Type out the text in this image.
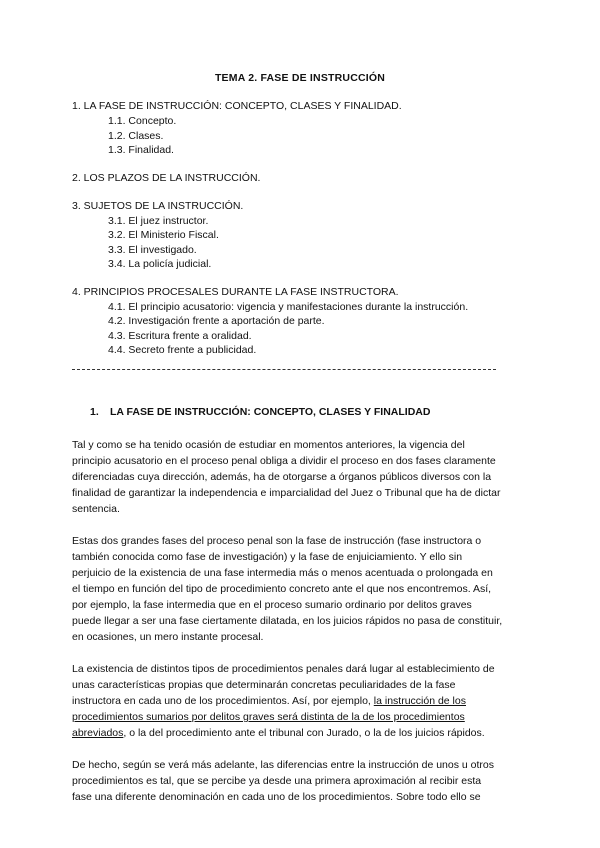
TEMA 2. FASE DE INSTRUCCIÓN
1. LA FASE DE INSTRUCCIÓN: CONCEPTO, CLASES Y FINALIDAD.
1.1. Concepto.
1.2. Clases.
1.3. Finalidad.
2. LOS PLAZOS DE LA INSTRUCCIÓN.
3. SUJETOS DE LA INSTRUCCIÓN.
3.1. El juez instructor.
3.2. El Ministerio Fiscal.
3.3. El investigado.
3.4. La policía judicial.
4. PRINCIPIOS PROCESALES DURANTE LA FASE INSTRUCTORA.
4.1. El principio acusatorio: vigencia y manifestaciones durante la instrucción.
4.2. Investigación frente a aportación de parte.
4.3. Escritura frente a oralidad.
4.4. Secreto frente a publicidad.
1. LA FASE DE INSTRUCCIÓN: CONCEPTO, CLASES Y FINALIDAD

Tal y como se ha tenido ocasión de estudiar en momentos anteriores, la vigencia del
principio acusatorio en el proceso penal obliga a dividir el proceso en dos fases claramente
diferenciadas cuya dirección, además, ha de otorgarse a órganos públicos diversos con la
finalidad de garantizar la independencia e imparcialidad del Juez o Tribunal que ha de dictar
sentencia.

Estas dos grandes fases del proceso penal son la fase de instrucción (fase instructora o
también conocida como fase de investigación) y la fase de enjuiciamiento. Y ello sin
perjuicio de la existencia de una fase intermedia más o menos acentuada o prolongada en
el tiempo en función del tipo de procedimiento concreto ante el que nos encontremos. Así,
por ejemplo, la fase intermedia que en el proceso sumario ordinario por delitos graves
puede llegar a ser una fase ciertamente dilatada, en los juicios rápidos no pasa de constituir,
en ocasiones, un mero instante procesal.

La existencia de distintos tipos de procedimientos penales dará lugar al establecimiento de
unas características propias que determinarán concretas peculiaridades de la fase
instructora en cada uno de los procedimientos. Así, por ejemplo, la instrucción de los
procedimientos sumarios por delitos graves será distinta de la de los procedimientos
abreviados, o la del procedimiento ante el tribunal con Jurado, o la de los juicios rápidos.

De hecho, según se verá más adelante, las diferencias entre la instrucción de unos u otros
procedimientos es tal, que se percibe ya desde una primera aproximación al recibir esta
fase una diferente denominación en cada uno de los procedimientos. Sobre todo ello se
